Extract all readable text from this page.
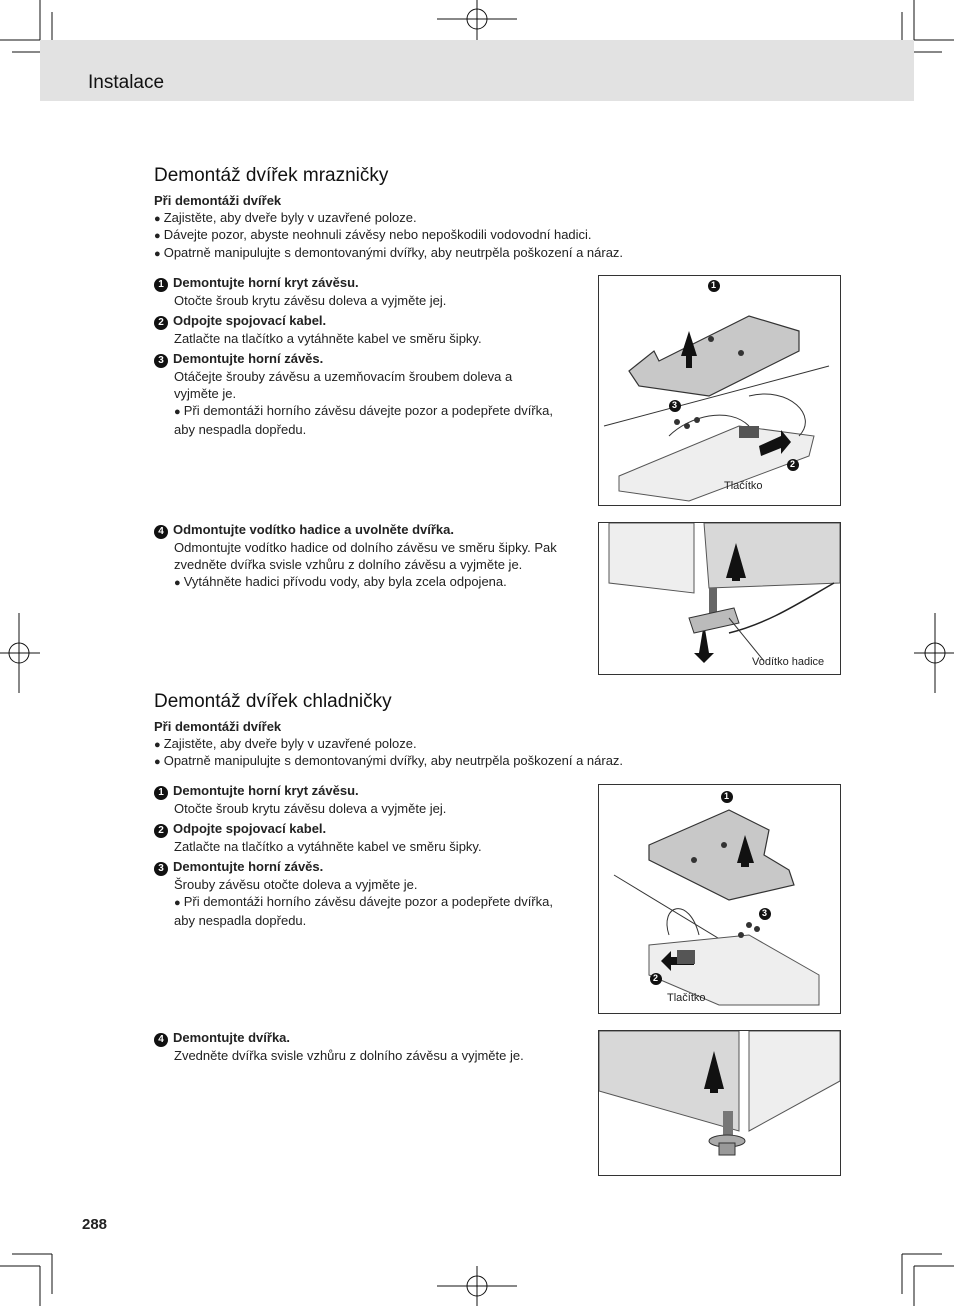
Instalace
Demontáž dvířek mrazničky
Při demontáži dvířek
● Zajistěte, aby dveře byly v uzavřené poloze.
● Dávejte pozor, abyste neohnuli závěsy nebo nepoškodili vodovodní hadici.
● Opatrně manipulujte s demontovanými dvířky, aby neutrpěla poškození a náraz.
1 Demontujte horní kryt závěsu.
Otočte šroub krytu závěsu doleva a vyjměte jej.
2 Odpojte spojovací kabel.
Zatlačte na tlačítko a vytáhněte kabel ve směru šipky.
3 Demontujte horní závěs.
Otáčejte šrouby závěsu a uzemňovacím šroubem doleva a vyjměte je.
● Při demontáži horního závěsu dávejte pozor a podepřete dvířka, aby nespadla dopředu.
4 Odmontujte vodítko hadice a uvolněte dvířka.
Odmontujte vodítko hadice od dolního závěsu ve směru šipky. Pak zvedněte dvířka svisle vzhůru z dolního závěsu a vyjměte je.
● Vytáhněte hadici přívodu vody, aby byla zcela odpojena.
1
3
2
Tlačítko
Vodítko hadice
Demontáž dvířek chladničky
Při demontáži dvířek
● Zajistěte, aby dveře byly v uzavřené poloze.
● Opatrně manipulujte s demontovanými dvířky, aby neutrpěla poškození a náraz.
1 Demontujte horní kryt závěsu.
Otočte šroub krytu závěsu doleva a vyjměte jej.
2 Odpojte spojovací kabel.
Zatlačte na tlačítko a vytáhněte kabel ve směru šipky.
3 Demontujte horní závěs.
Šrouby závěsu otočte doleva a vyjměte je.
● Při demontáži horního závěsu dávejte pozor a podepřete dvířka, aby nespadla dopředu.
4 Demontujte dvířka.
Zvedněte dvířka svisle vzhůru z dolního závěsu a vyjměte je.
1
3
2
Tlačítko
288
